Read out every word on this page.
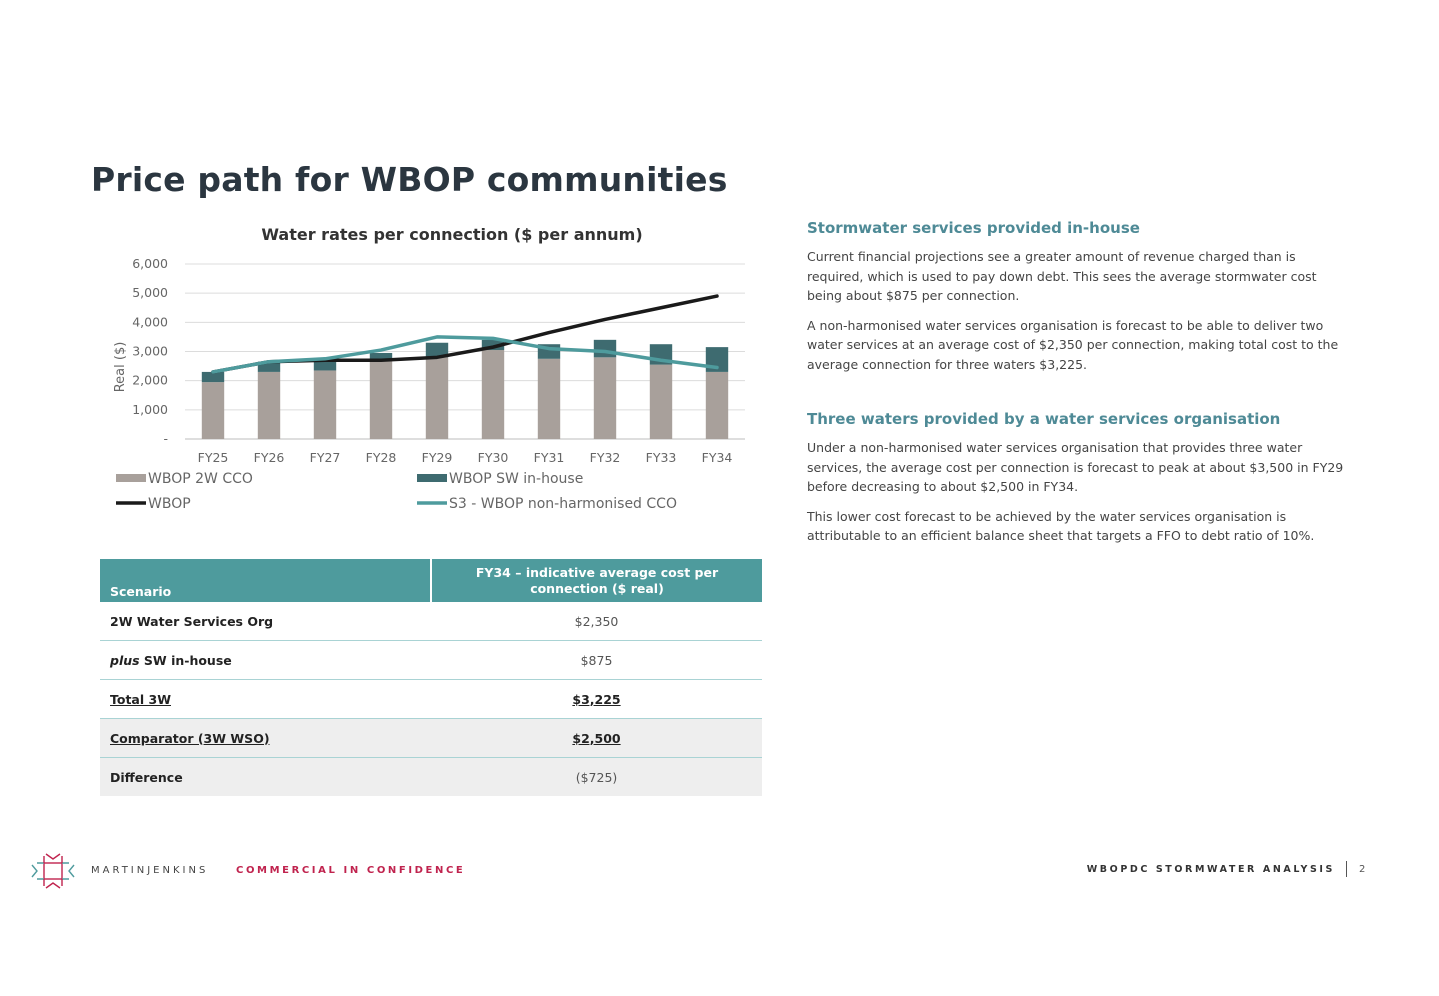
Price path for WBOP communities
Water rates per connection ($ per annum)
-
1,000
2,000
3,000
4,000
5,000
6,000
Real ($)
FY25 FY26 FY27 FY28 FY29 FY30 FY31 FY32 FY33 FY34
WBOP 2W CCO	WBOP SW in-house
WBOP	S3 - WBOP non-harmonised CCO
Scenario	FY34 – indicative average cost per connection ($ real)
2W Water Services Org	$2,350
plus SW in-house	$875
Total 3W	$3,225
Comparator (3W WSO)	$2,500
Difference	($725)
Stormwater services provided in-house

Current financial projections see a greater amount of revenue charged than is required, which is used to pay down debt. This sees the average stormwater cost being about $875 per connection.

A non-harmonised water services organisation is forecast to be able to deliver two water services at an average cost of $2,350 per connection, making total cost to the average connection for three waters $3,225.

Three waters provided by a water services organisation

Under a non-harmonised water services organisation that provides three water services, the average cost per connection is forecast to peak at about $3,500 in FY29 before decreasing to about $2,500 in FY34.

This lower cost forecast to be achieved by the water services organisation is attributable to an efficient balance sheet that targets a FFO to debt ratio of 10%.

MARTINJENKINS	COMMERCIAL IN CONFIDENCE	WBOPDC STORMWATER ANALYSIS 2
